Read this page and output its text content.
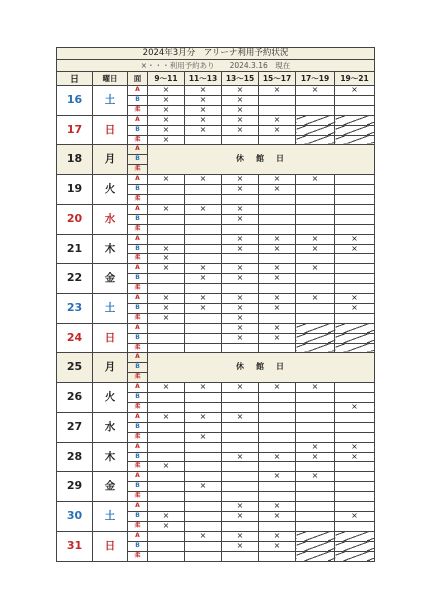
2024年3月分　アリーナ利用予約状況								
×・・・利用予約あり　　2024.3.16　現在								
日	曜日	面	9～11	11～13	13～15	15～17	17～19	19～21
16	土	A	×	×	×	×	×	×
		B	×	×	×			
		柔	×	×	×			
17	日	A	×	×	×	×		
		B	×	×	×	×		
		柔	×					
18	月	A	休　館　日					
		B						
		柔						
19	火	A	×	×	×	×	×	
		B			×	×		
		柔						
20	水	A	×	×	×			
		B			×			
		柔						
21	木	A			×	×	×	×
		B	×		×	×	×	×
		柔	×					
22	金	A	×	×	×	×	×	
		B		×	×	×		
		柔						
23	土	A	×	×	×	×	×	×
		B	×	×	×	×		×
		柔	×		×			
24	日	A			×	×		
		B			×	×		
		柔						
25	月	A	休　館　日					
		B						
		柔						
26	火	A	×	×	×	×	×	
		B						
		柔						×
27	水	A	×	×	×			
		B						
		柔		×				
28	木	A					×	×
		B			×	×	×	×
		柔	×					
29	金	A				×	×	
		B		×				
		柔						
30	土	A			×	×		
		B	×		×	×		×
		柔	×					
31	日	A		×	×	×		
		B			×	×		
		柔						
